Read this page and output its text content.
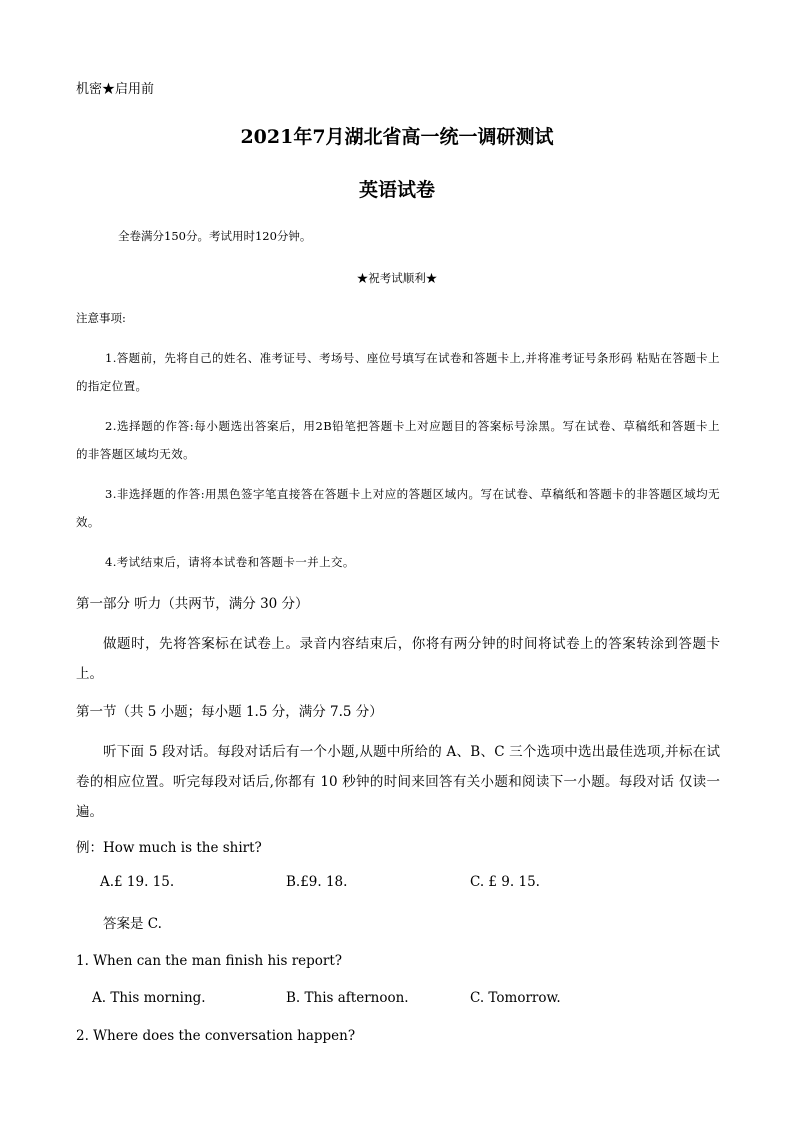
机密★启用前
2021年7月湖北省高一统一调研测试
英语试卷
全卷满分150分。考试用时120分钟。
★祝考试顺利★
注意事项:
1.答题前，先将自己的姓名、准考证号、考场号、座位号填写在试卷和答题卡上,并将准考证号条形码 粘贴在答题卡上的指定位置。
2.选择题的作答:每小题选出答案后，用2B铅笔把答题卡上对应题目的答案标号涂黑。写在试卷、草稿纸和答题卡上的非答题区域均无效。
3.非选择题的作答:用黑色签字笔直接答在答题卡上对应的答题区域内。写在试卷、草稿纸和答题卡的非答题区域均无效。
4.考试结束后，请将本试卷和答题卡一并上交。
第一部分 听力（共两节，满分 30 分）
做题时，先将答案标在试卷上。录音内容结束后，你将有两分钟的时间将试卷上的答案转涂到答题卡上。
第一节（共 5 小题；每小题 1.5 分，满分 7.5 分）
听下面 5 段对话。每段对话后有一个小题,从题中所给的 A、B、C 三个选项中选出最佳选项,并标在试卷的相应位置。听完每段对话后,你都有 10 秒钟的时间来回答有关小题和阅读下一小题。每段对话 仅读一遍。
例：How much is the shirt?
A.£ 19. 15.	B.£9. 18.	C. £ 9. 15.
答案是 C.
1. When can the man finish his report?
A. This morning.	B. This afternoon.	C. Tomorrow.
2. Where does the conversation happen?
